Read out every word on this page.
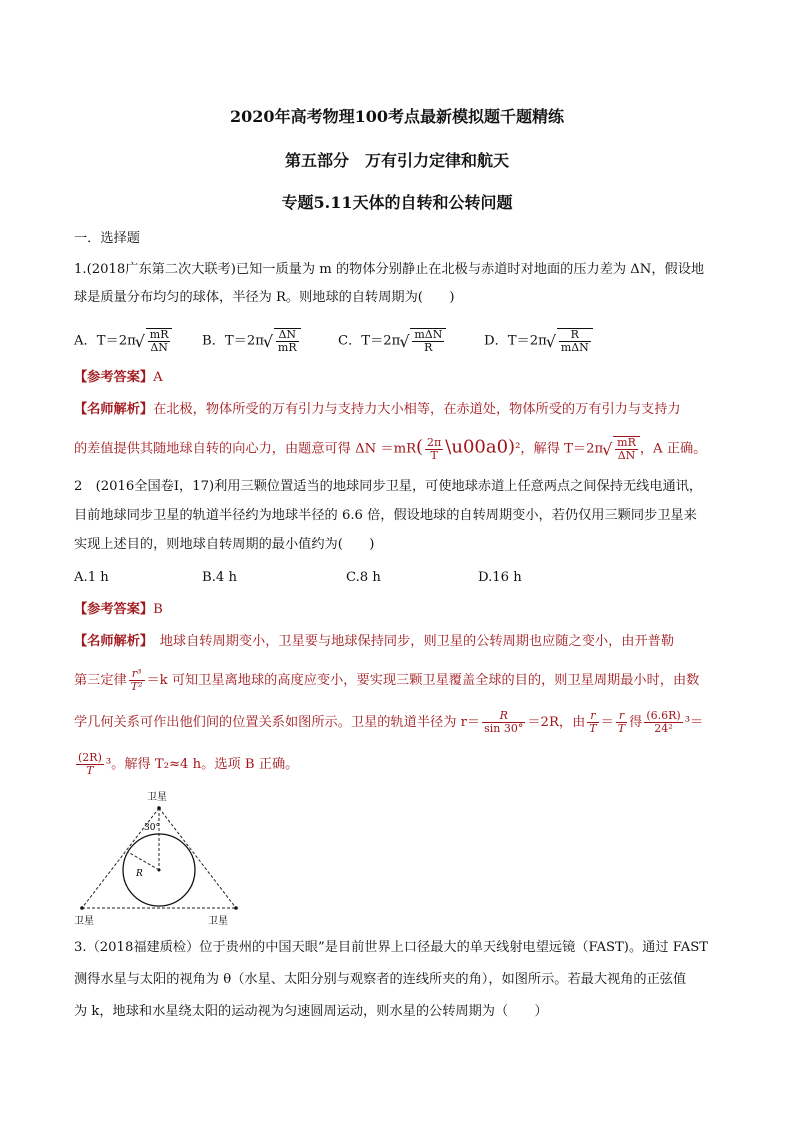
2020年高考物理100考点最新模拟题千题精练
第五部分　万有引力定律和航天
专题5.11天体的自转和公转问题
一．选择题
1.(2018广东第二次大联考)已知一质量为 m 的物体分别静止在北极与赤道时对地面的压力差为 ΔN，假设地
球是质量分布均匀的球体，半径为 R。则地球的自转周期为(　　)
A．T＝2π √ $\frac{mR}{\Delta N}$ B．T＝2π √ $\frac{\Delta N}{mR}$	C．T＝2π √ $\frac{\text{mΔN}}{R}$	D．T＝2π √ $\frac{R}{\text{mΔN}}$
【参考答案】A
【名师解析】在北极，物体所受的万有引力与支持力大小相等，在赤道处，物体所受的万有引力与支持力
的差值提供其随地球自转的向心力，由题意可得 $\Delta N =mR( \frac{2\pi}{T}$ \u00a0)²，解得 T＝2π √ $\frac{mR}{\Delta N}$ ，A 正确。
2　(2016全国卷Ⅰ，17)利用三颗位置适当的地球同步卫星，可使地球赤道上任意两点之间保持无线电通讯，
目前地球同步卫星的轨道半径约为地球半径的 6.6 倍，假设地球的自转周期变小，若仍仅用三颗同步卫星来
实现上述目的，则地球自转周期的最小值约为(　　)
A.1 h	B.4 h	C.8 h	D.16 h
【参考答案】B
【名师解析】　地球自转周期变小，卫星要与地球保持同步，则卫星的公转周期也应随之变小，由开普勒
第三定律 $\frac{\text{r³}}{\text{T²}} =k$ 可知卫星离地球的高度应变小，要实现三颗卫星覆盖全球的目的，则卫星周期最小时，由数
学几何关系可作出他们间的位置关系如图所示。卫星的轨道半径为 $r= \frac{R}{\sin 30^\circ} =2R$，由 $\frac{r}{T} = \frac{r}{T}$ 得 $\frac{(6.6R)}{\text{24²}} ^3=$
$\frac{(2R)}{T} ^3$。解得 T₂≈4 h。选项 B 正确。
卫星
卫星	卫星
30°
R
3.（2018福建质检）位于贵州的中国天眼”是目前世界上口径最大的单天线射电望远镜（FAST)。通过 FAST
测得水星与太阳的视角为 θ（水星、太阳分别与观察者的连线所夹的角），如图所示。若最大视角的正弦值
为 k，地球和水星绕太阳的运动视为匀速圆周运动，则水星的公转周期为（　　）
